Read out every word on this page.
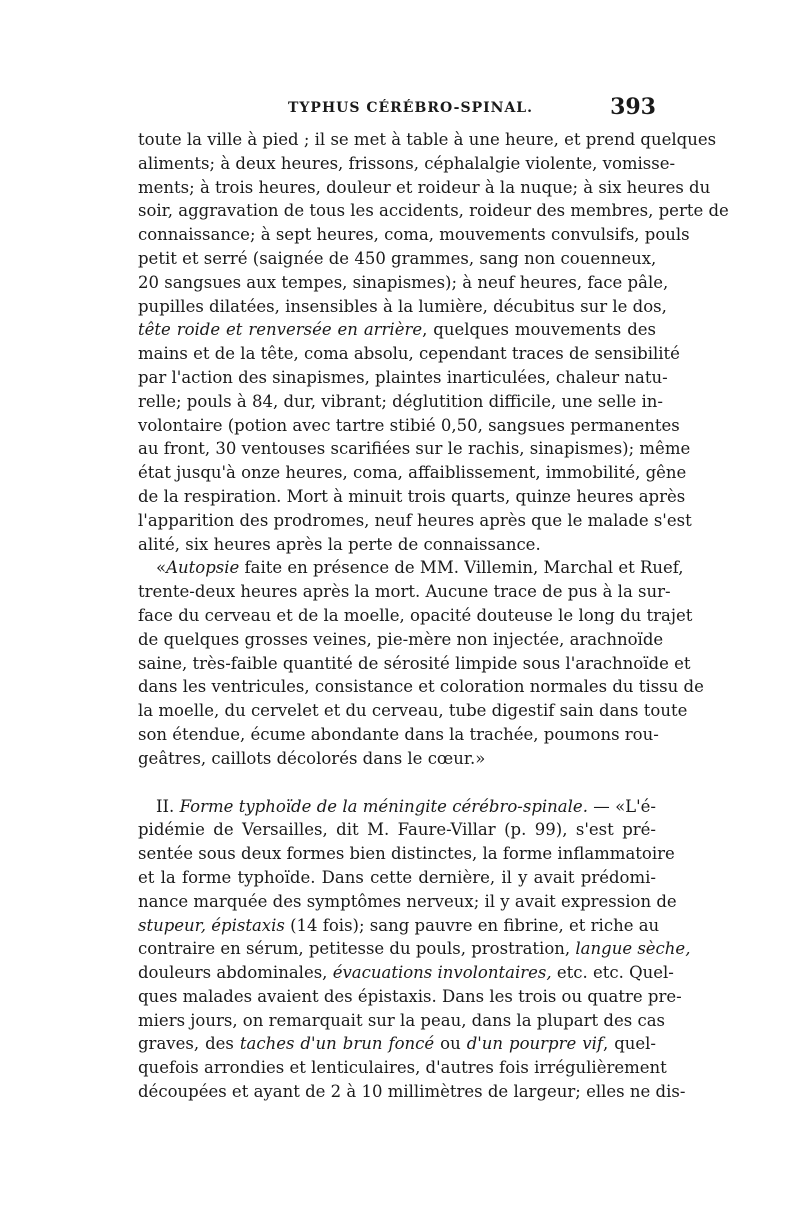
TYPHUS CÉRÉBRO-SPINAL.	393
toute la ville à pied ; il se met à table à une heure, et prend quelques
aliments; à deux heures, frissons, céphalalgie violente, vomisse-
ments; à trois heures, douleur et roideur à la nuque; à six heures du
soir, aggravation de tous les accidents, roideur des membres, perte de
connaissance; à sept heures, coma, mouvements convulsifs, pouls
petit et serré (saignée de 450 grammes, sang non couenneux,
20 sangsues aux tempes, sinapismes); à neuf heures, face pâle,
pupilles dilatées, insensibles à la lumière, décubitus sur le dos,
tête roide et renversée en arrière, quelques mouvements des
mains et de la tête, coma absolu, cependant traces de sensibilité
par l'action des sinapismes, plaintes inarticulées, chaleur natu-
relle; pouls à 84, dur, vibrant; déglutition difficile, une selle in-
volontaire (potion avec tartre stibié 0,50, sangsues permanentes
au front, 30 ventouses scarifiées sur le rachis, sinapismes); même
état jusqu'à onze heures, coma, affaiblissement, immobilité, gêne
de la respiration. Mort à minuit trois quarts, quinze heures après
l'apparition des prodromes, neuf heures après que le malade s'est
alité, six heures après la perte de connaissance.
«Autopsie faite en présence de MM. Villemin, Marchal et Ruef,
trente-deux heures après la mort. Aucune trace de pus à la sur-
face du cerveau et de la moelle, opacité douteuse le long du trajet
de quelques grosses veines, pie-mère non injectée, arachnoïde
saine, très-faible quantité de sérosité limpide sous l'arachnoïde et
dans les ventricules, consistance et coloration normales du tissu de
la moelle, du cervelet et du cerveau, tube digestif sain dans toute
son étendue, écume abondante dans la trachée, poumons rou-
geâtres, caillots décolorés dans le cœur.»
II. Forme typhoïde de la méningite cérébro-spinale. — «L'é-
pidémie de Versailles, dit M. Faure-Villar (p. 99), s'est pré-
sentée sous deux formes bien distinctes, la forme inflammatoire
et la forme typhoïde. Dans cette dernière, il y avait prédomi-
nance marquée des symptômes nerveux; il y avait expression de
stupeur, épistaxis (14 fois); sang pauvre en fibrine, et riche au
contraire en sérum, petitesse du pouls, prostration, langue sèche,
douleurs abdominales, évacuations involontaires, etc. etc. Quel-
ques malades avaient des épistaxis. Dans les trois ou quatre pre-
miers jours, on remarquait sur la peau, dans la plupart des cas
graves, des taches d'un brun foncé ou d'un pourpre vif, quel-
quefois arrondies et lenticulaires, d'autres fois irrégulièrement
découpées et ayant de 2 à 10 millimètres de largeur; elles ne dis-
